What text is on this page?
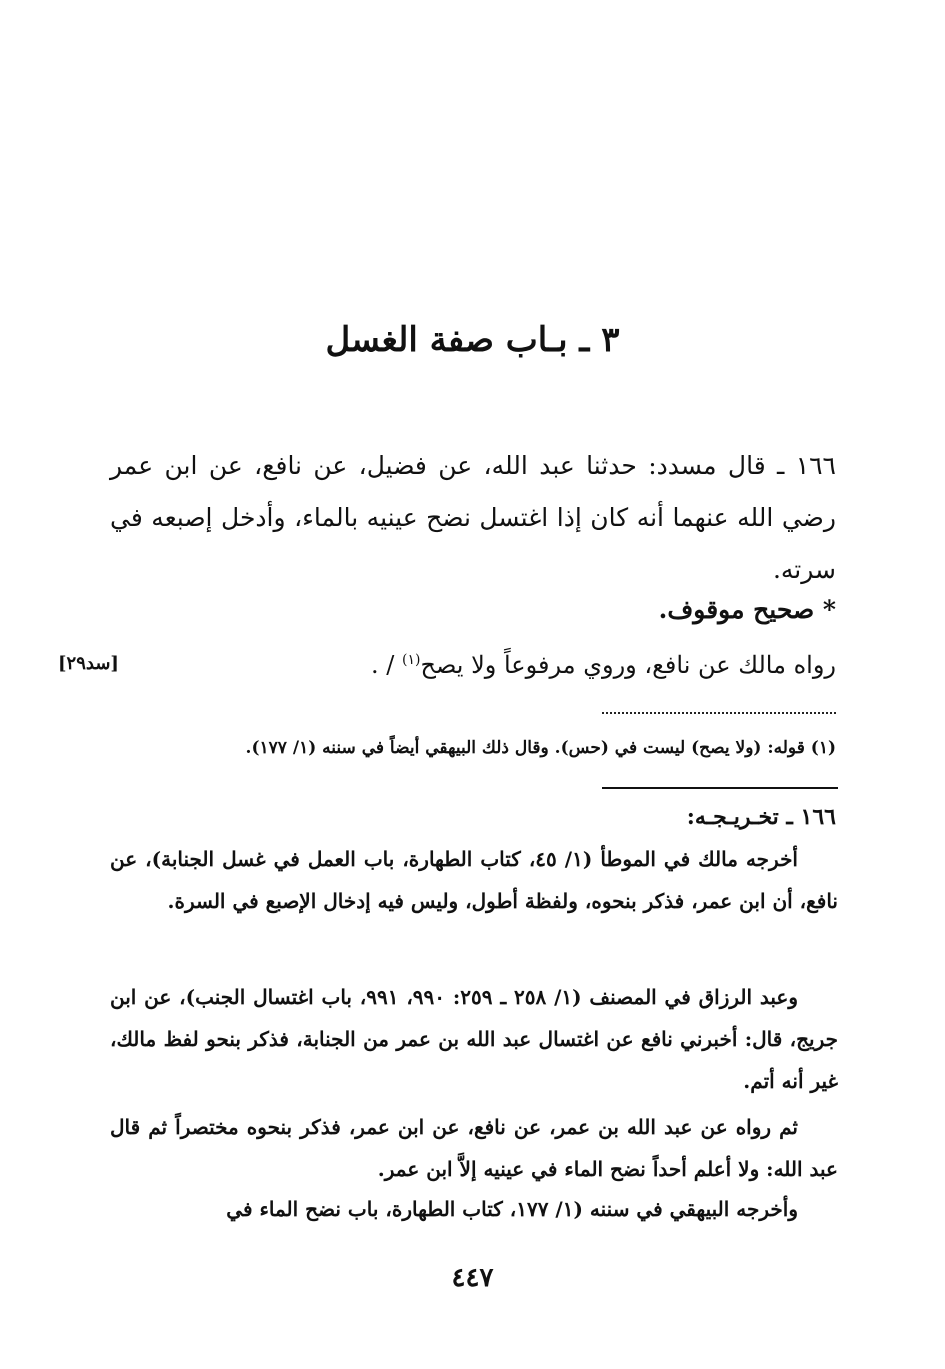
٣ ـ بـاب صفة الغسل
١٦٦ ـ قال مسدد: حدثنا عبد الله، عن فضيل، عن نافع، عن ابن عمر رضي الله عنهما أنه كان إذا اغتسل نضح عينيه بالماء، وأدخل إصبعه في سرته.
* صحيح موقوف.
رواه مالك عن نافع، وروي مرفوعاً ولا يصح$^{(١)}$ / .
[سد٢٩]
(١) قوله: (ولا يصح) ليست في (حس). وقال ذلك البيهقي أيضاً في سننه (١/ ١٧٧).
١٦٦ ـ تخـريـجـه:
أخرجه مالك في الموطأ (١/ ٤٥، كتاب الطهارة، باب العمل في غسل الجنابة)، عن نافع، أن ابن عمر، فذكر بنحوه، ولفظة أطول، وليس فيه إدخال الإصبع في السرة.
وعبد الرزاق في المصنف (١/ ٢٥٨ ـ ٢٥٩: ٩٩٠، ٩٩١، باب اغتسال الجنب)، عن ابن جريج، قال: أخبرني نافع عن اغتسال عبد الله بن عمر من الجنابة، فذكر بنحو لفظ مالك، غير أنه أتم.
ثم رواه عن عبد الله بن عمر، عن نافع، عن ابن عمر، فذكر بنحوه مختصراً ثم قال عبد الله: ولا أعلم أحداً نضح الماء في عينيه إلاَّ ابن عمر.
وأخرجه البيهقي في سننه (١/ ١٧٧، كتاب الطهارة، باب نضح الماء في
٤٤٧
